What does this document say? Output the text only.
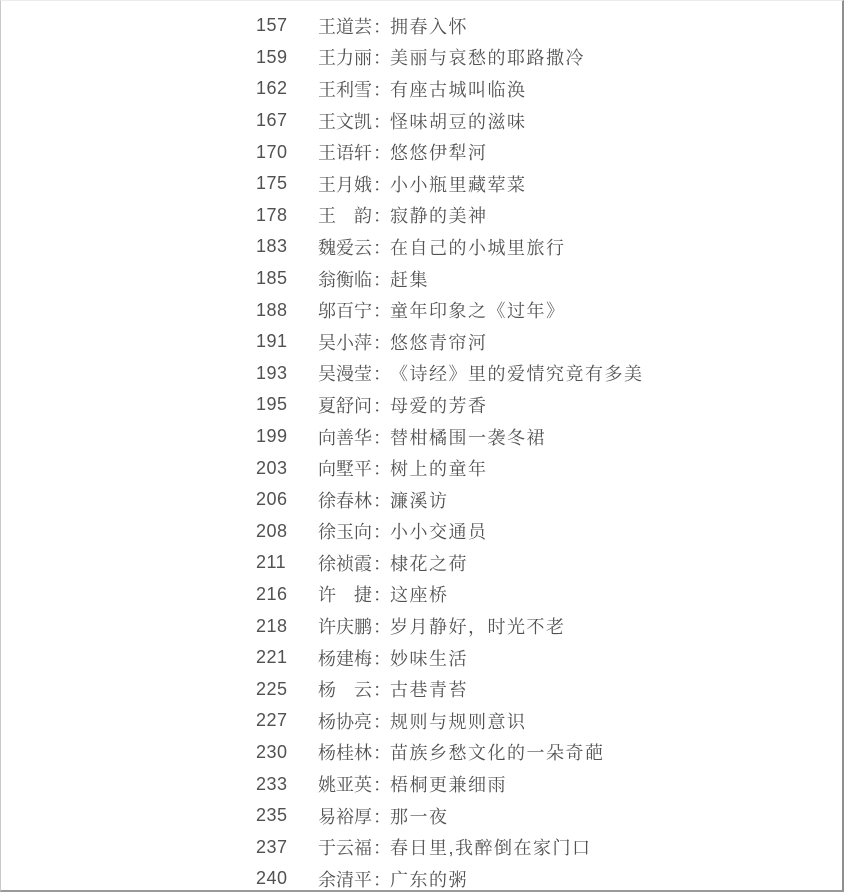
157	王道芸 ： 拥春入怀
159	王力丽 ： 美丽与哀愁的耶路撒冷
162	王利雪 ： 有座古城叫临涣
167	王文凯 ： 怪味胡豆的滋味
170	王语轩 ： 悠悠伊犁河
175	王月娥 ： 小小瓶里藏荤菜
178	王　韵 ： 寂静的美神
183	魏爱云 ： 在自己的小城里旅行
185	翁衡临 ： 赶集
188	邬百宁 ： 童年印象之《过年》
191	吴小萍 ： 悠悠青帘河
193	吴漫莹 ： 《诗经》里的爱情究竟有多美
195	夏舒问 ： 母爱的芳香
199	向善华 ： 替柑橘围一袭冬裙
203	向墅平 ： 树上的童年
206	徐春林 ： 濂溪访
208	徐玉向 ： 小小交通员
211	徐祯霞 ： 棣花之荷
216	许　捷 ： 这座桥
218	许庆鹏 ： 岁月静好，时光不老
221	杨建梅 ： 妙味生活
225	杨　云 ： 古巷青苔
227	杨协亮 ： 规则与规则意识
230	杨桂林 ： 苗族乡愁文化的一朵奇葩
233	姚亚英 ： 梧桐更兼细雨
235	易裕厚 ： 那一夜
237	于云福 ： 春日里,我醉倒在家门口
240	余清平 ： 广东的粥
